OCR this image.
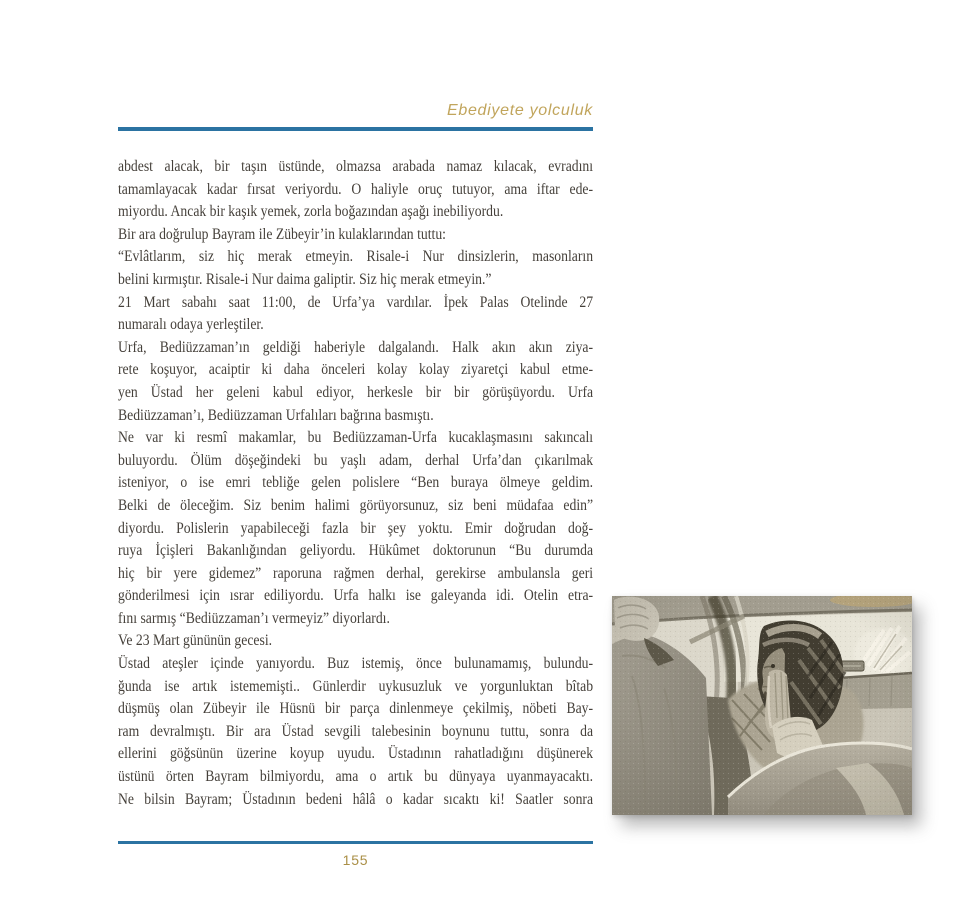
Ebediyete yolculuk
abdest alacak, bir taşın üstünde, olmazsa arabada namaz kılacak, evradını
tamamlayacak kadar fırsat veriyordu. O haliyle oruç tutuyor, ama iftar ede-
miyordu. Ancak bir kaşık yemek, zorla boğazından aşağı inebiliyordu.
Bir ara doğrulup Bayram ile Zübeyir’in kulaklarından tuttu:
“Evlâtlarım, siz hiç merak etmeyin. Risale-i Nur dinsizlerin, masonların
belini kırmıştır. Risale-i Nur daima galiptir. Siz hiç merak etmeyin.”
21 Mart sabahı saat 11:00, de Urfa’ya vardılar. İpek Palas Otelinde 27
numaralı odaya yerleştiler.
Urfa, Bediüzzaman’ın geldiği haberiyle dalgalandı. Halk akın akın ziya-
rete koşuyor, acaiptir ki daha önceleri kolay kolay ziyaretçi kabul etme-
yen Üstad her geleni kabul ediyor, herkesle bir bir görüşüyordu. Urfa
Bediüzzaman’ı, Bediüzzaman Urfalıları bağrına basmıştı.
Ne var ki resmî makamlar, bu Bediüzzaman-Urfa kucaklaşmasını sakıncalı
buluyordu. Ölüm döşeğindeki bu yaşlı adam, derhal Urfa’dan çıkarılmak
isteniyor, o ise emri tebliğe gelen polislere “Ben buraya ölmeye geldim.
Belki de öleceğim. Siz benim halimi görüyorsunuz, siz beni müdafaa edin”
diyordu. Polislerin yapabileceği fazla bir şey yoktu. Emir doğrudan doğ-
ruya İçişleri Bakanlığından geliyordu. Hükûmet doktorunun “Bu durumda
hiç bir yere gidemez” raporuna rağmen derhal, gerekirse ambulansla geri
gönderilmesi için ısrar ediliyordu. Urfa halkı ise galeyanda idi. Otelin etra-
fını sarmış “Bediüzzaman’ı vermeyiz” diyorlardı.
Ve 23 Mart gününün gecesi.
Üstad ateşler içinde yanıyordu. Buz istemiş, önce bulunamamış, bulundu-
ğunda ise artık istememişti.. Günlerdir uykusuzluk ve yorgunluktan bîtab
düşmüş olan Zübeyir ile Hüsnü bir parça dinlenmeye çekilmiş, nöbeti Bay-
ram devralmıştı. Bir ara Üstad sevgili talebesinin boynunu tuttu, sonra da
ellerini göğsünün üzerine koyup uyudu. Üstadının rahatladığını düşünerek
üstünü örten Bayram bilmiyordu, ama o artık bu dünyaya uyanmayacaktı.
Ne bilsin Bayram; Üstadının bedeni hâlâ o kadar sıcaktı ki! Saatler sonra
155
